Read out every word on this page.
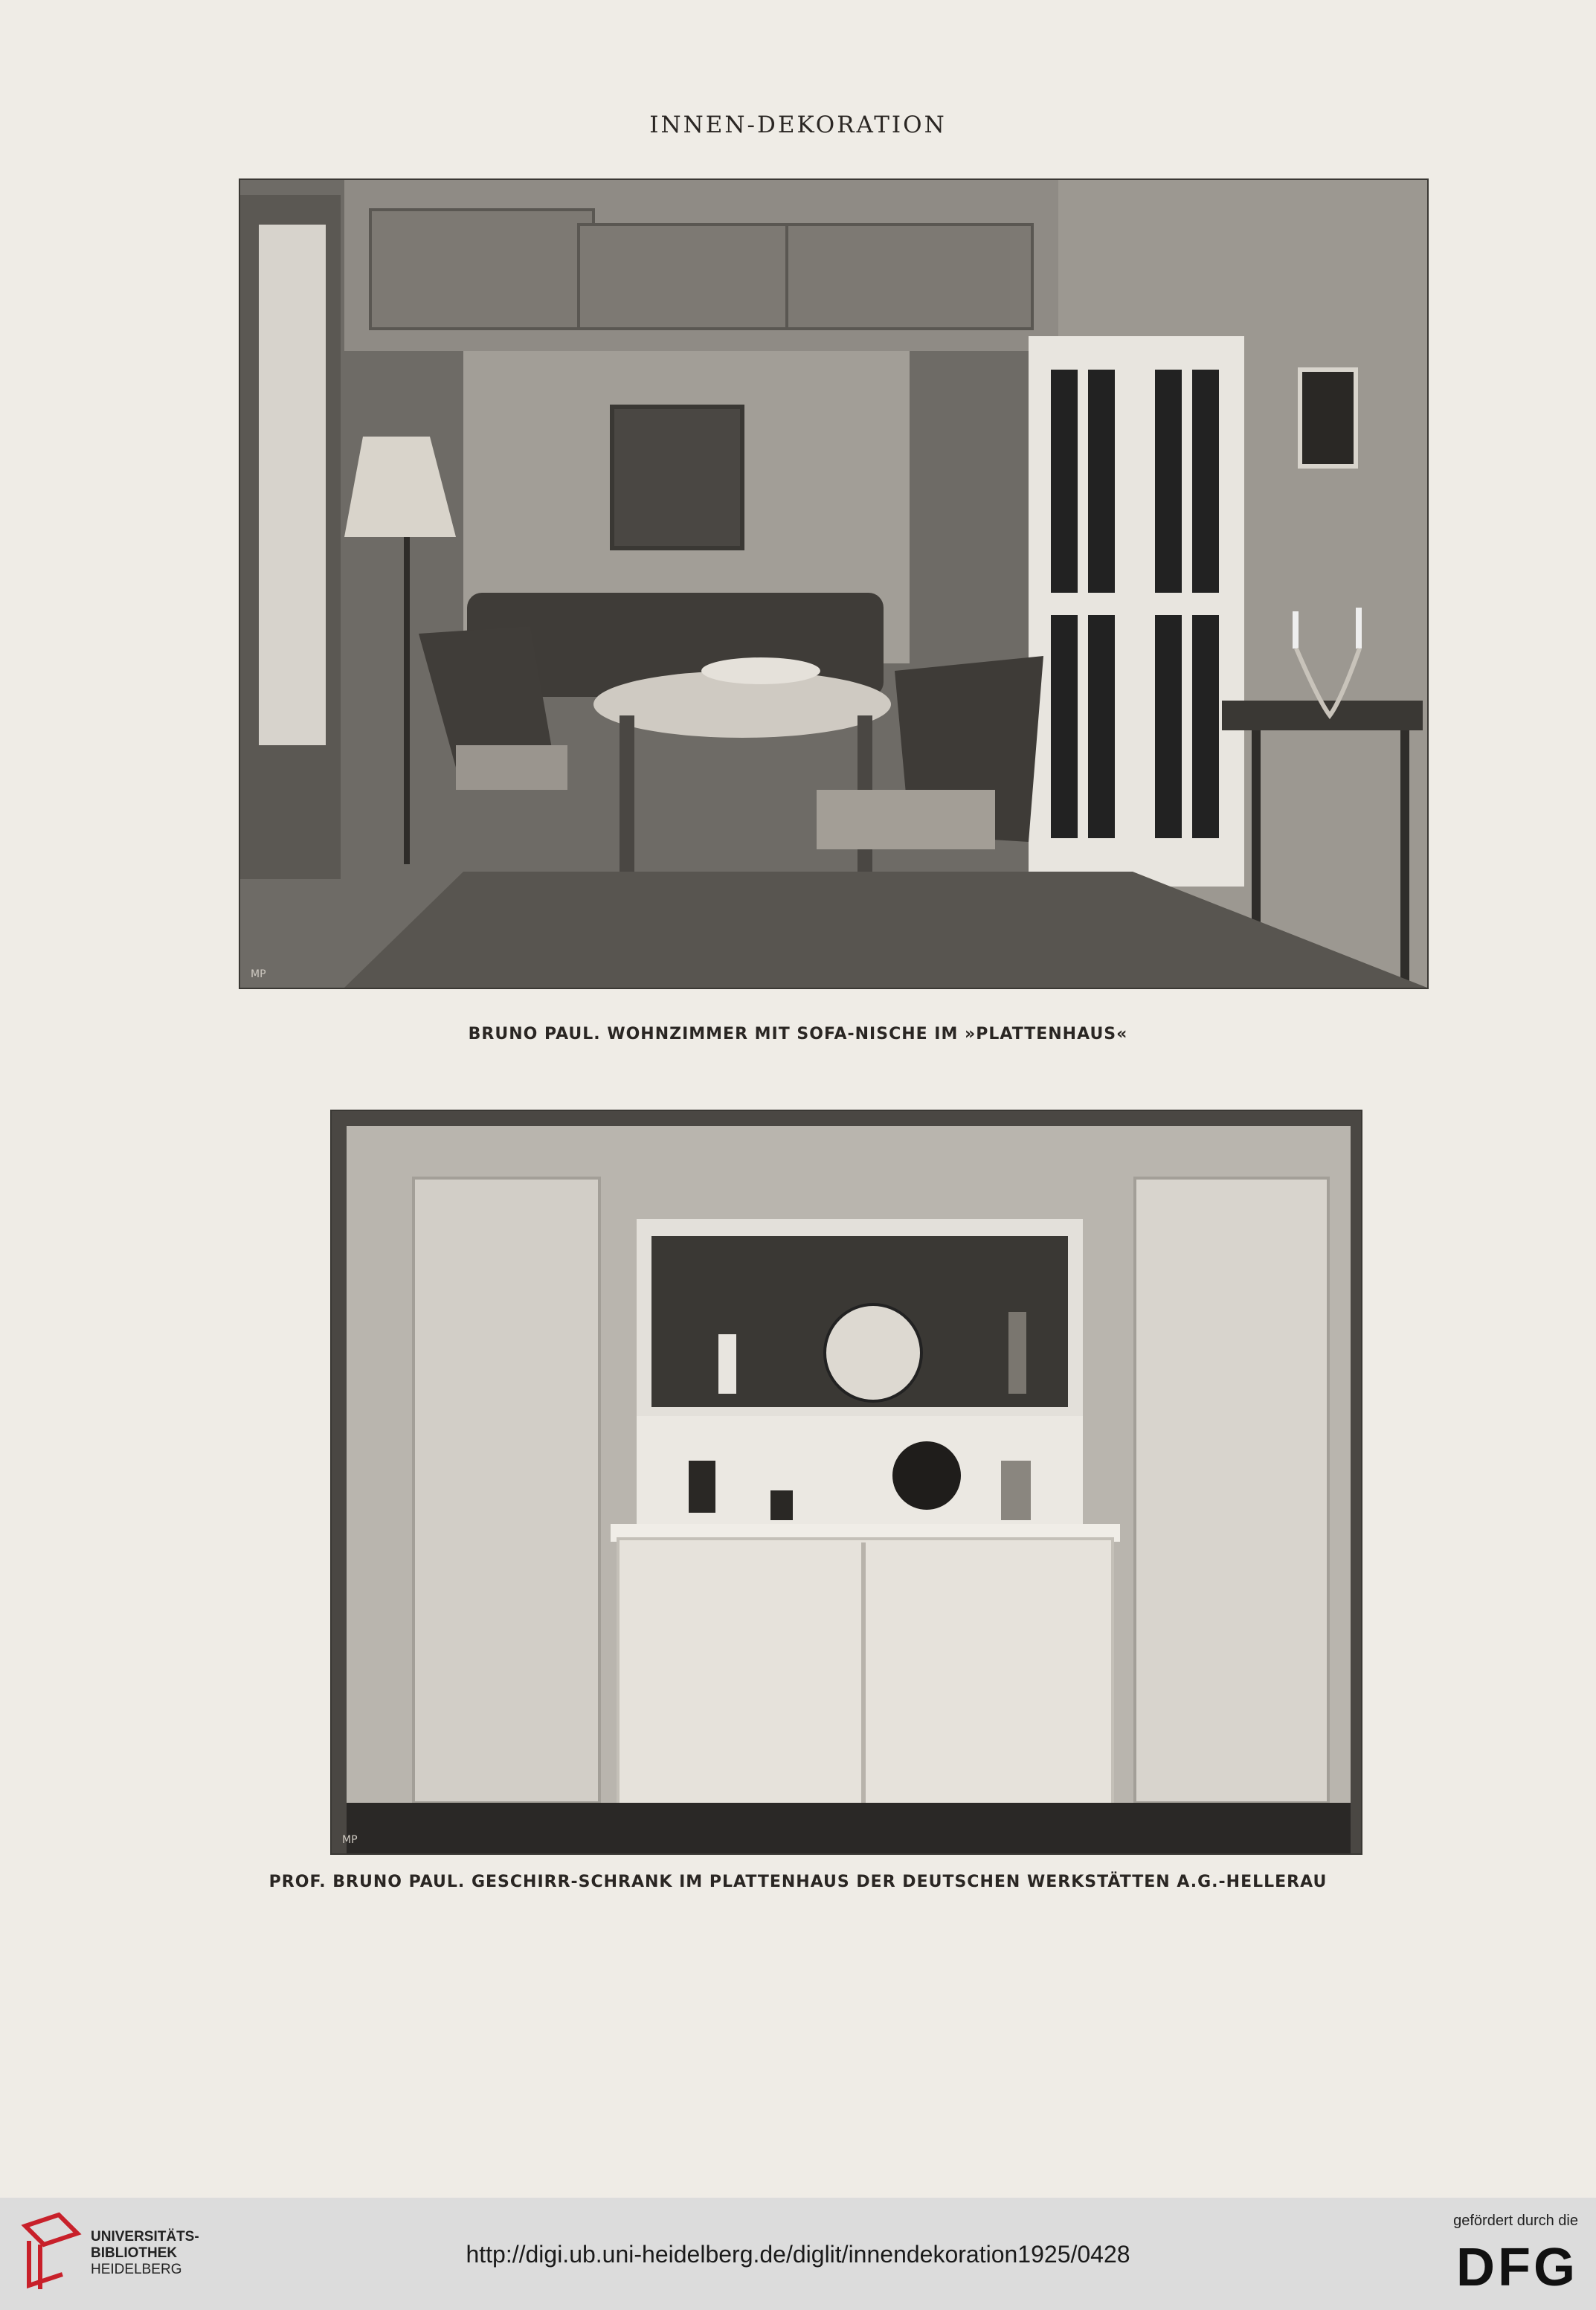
INNEN-DEKORATION
MP
BRUNO PAUL. WOHNZIMMER MIT SOFA-NISCHE IM »PLATTENHAUS«
MP
PROF. BRUNO PAUL. GESCHIRR-SCHRANK IM PLATTENHAUS DER DEUTSCHEN WERKSTÄTTEN A.G.-HELLERAU
UNIVERSITÄTS-
BIBLIOTHEK
HEIDELBERG
http://digi.ub.uni-heidelberg.de/diglit/innendekoration1925/0428
gefördert durch die
DFG
